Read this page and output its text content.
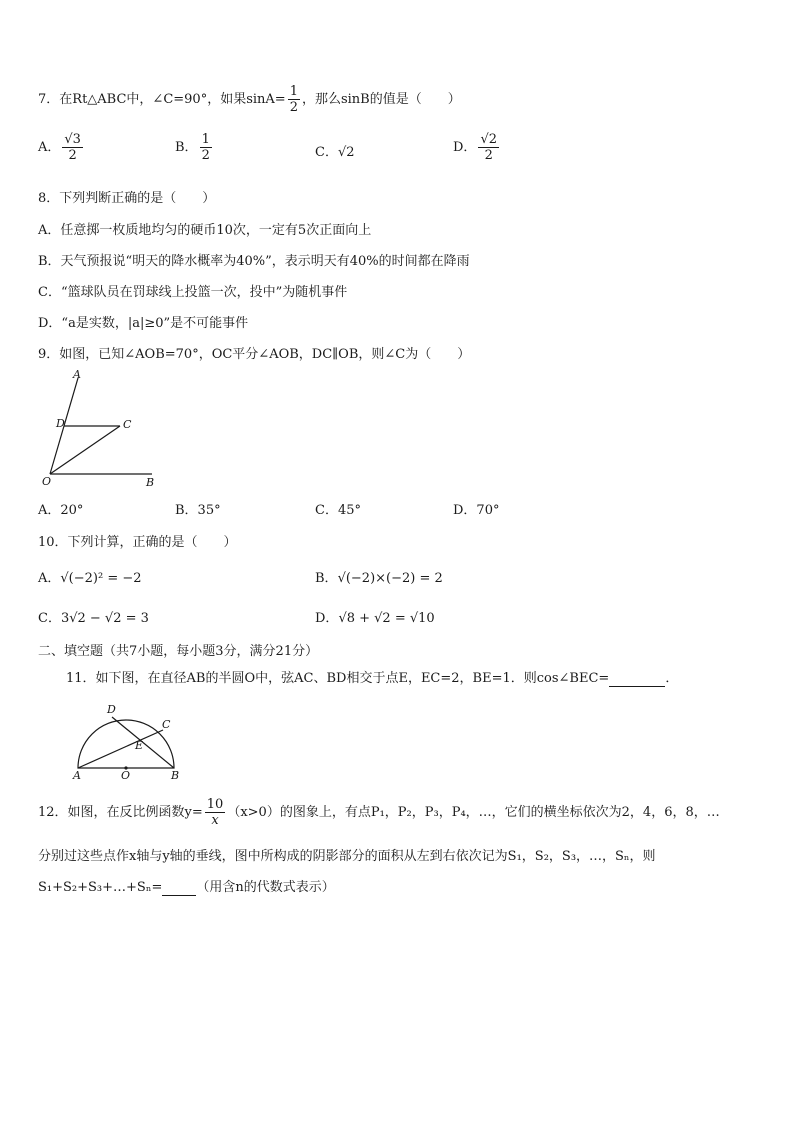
7．在Rt△ABC中，∠C=90°，如果$\sin A= \frac{1}{2}$ ，那么sinB的值是（　　）
A． $\frac{√3}{2}$	B． $\frac{1}{2}$	C．√2	D． $\frac{√2}{2}$
8．下列判断正确的是（　　）
A．任意掷一枚质地均匀的硬币10次，一定有5次正面向上
B．天气预报说“明天的降水概率为40%”，表示明天有40%的时间都在降雨
C．“篮球队员在罚球线上投篮一次，投中”为随机事件
D．“a是实数，|a|≥0”是不可能事件
9．如图，已知∠AOB=70°，OC平分∠AOB，DC∥OB，则∠C为（　　）
A
D	C
O	B
A．20°	B．35°	C．45°	D．70°
10．下列计算，正确的是（　　）
A．√(−2)² = −2	B．√(−2)×(−2) = 2
C．3√2 − √2 = 3	D．√8 + √2 = √10
二、填空题（共7小题，每小题3分，满分21分）
11．如下图，在直径AB的半圆O中，弦AC、BD相交于点E，EC=2，BE=1．则cos∠BEC=	．
D
C
E
A	O	B
12．如图，在反比例函数$y= \frac{10}{x} (x>0)$的图象上，有点P₁，P₂，P₃，P₄，…，它们的横坐标依次为2，4，6，8，…
分别过这些点作x轴与y轴的垂线，图中所构成的阴影部分的面积从左到右依次记为S₁，S₂，S₃，…，Sₙ，则
S₁+S₂+S₃+…+Sₙ=	（用含n的代数式表示）
